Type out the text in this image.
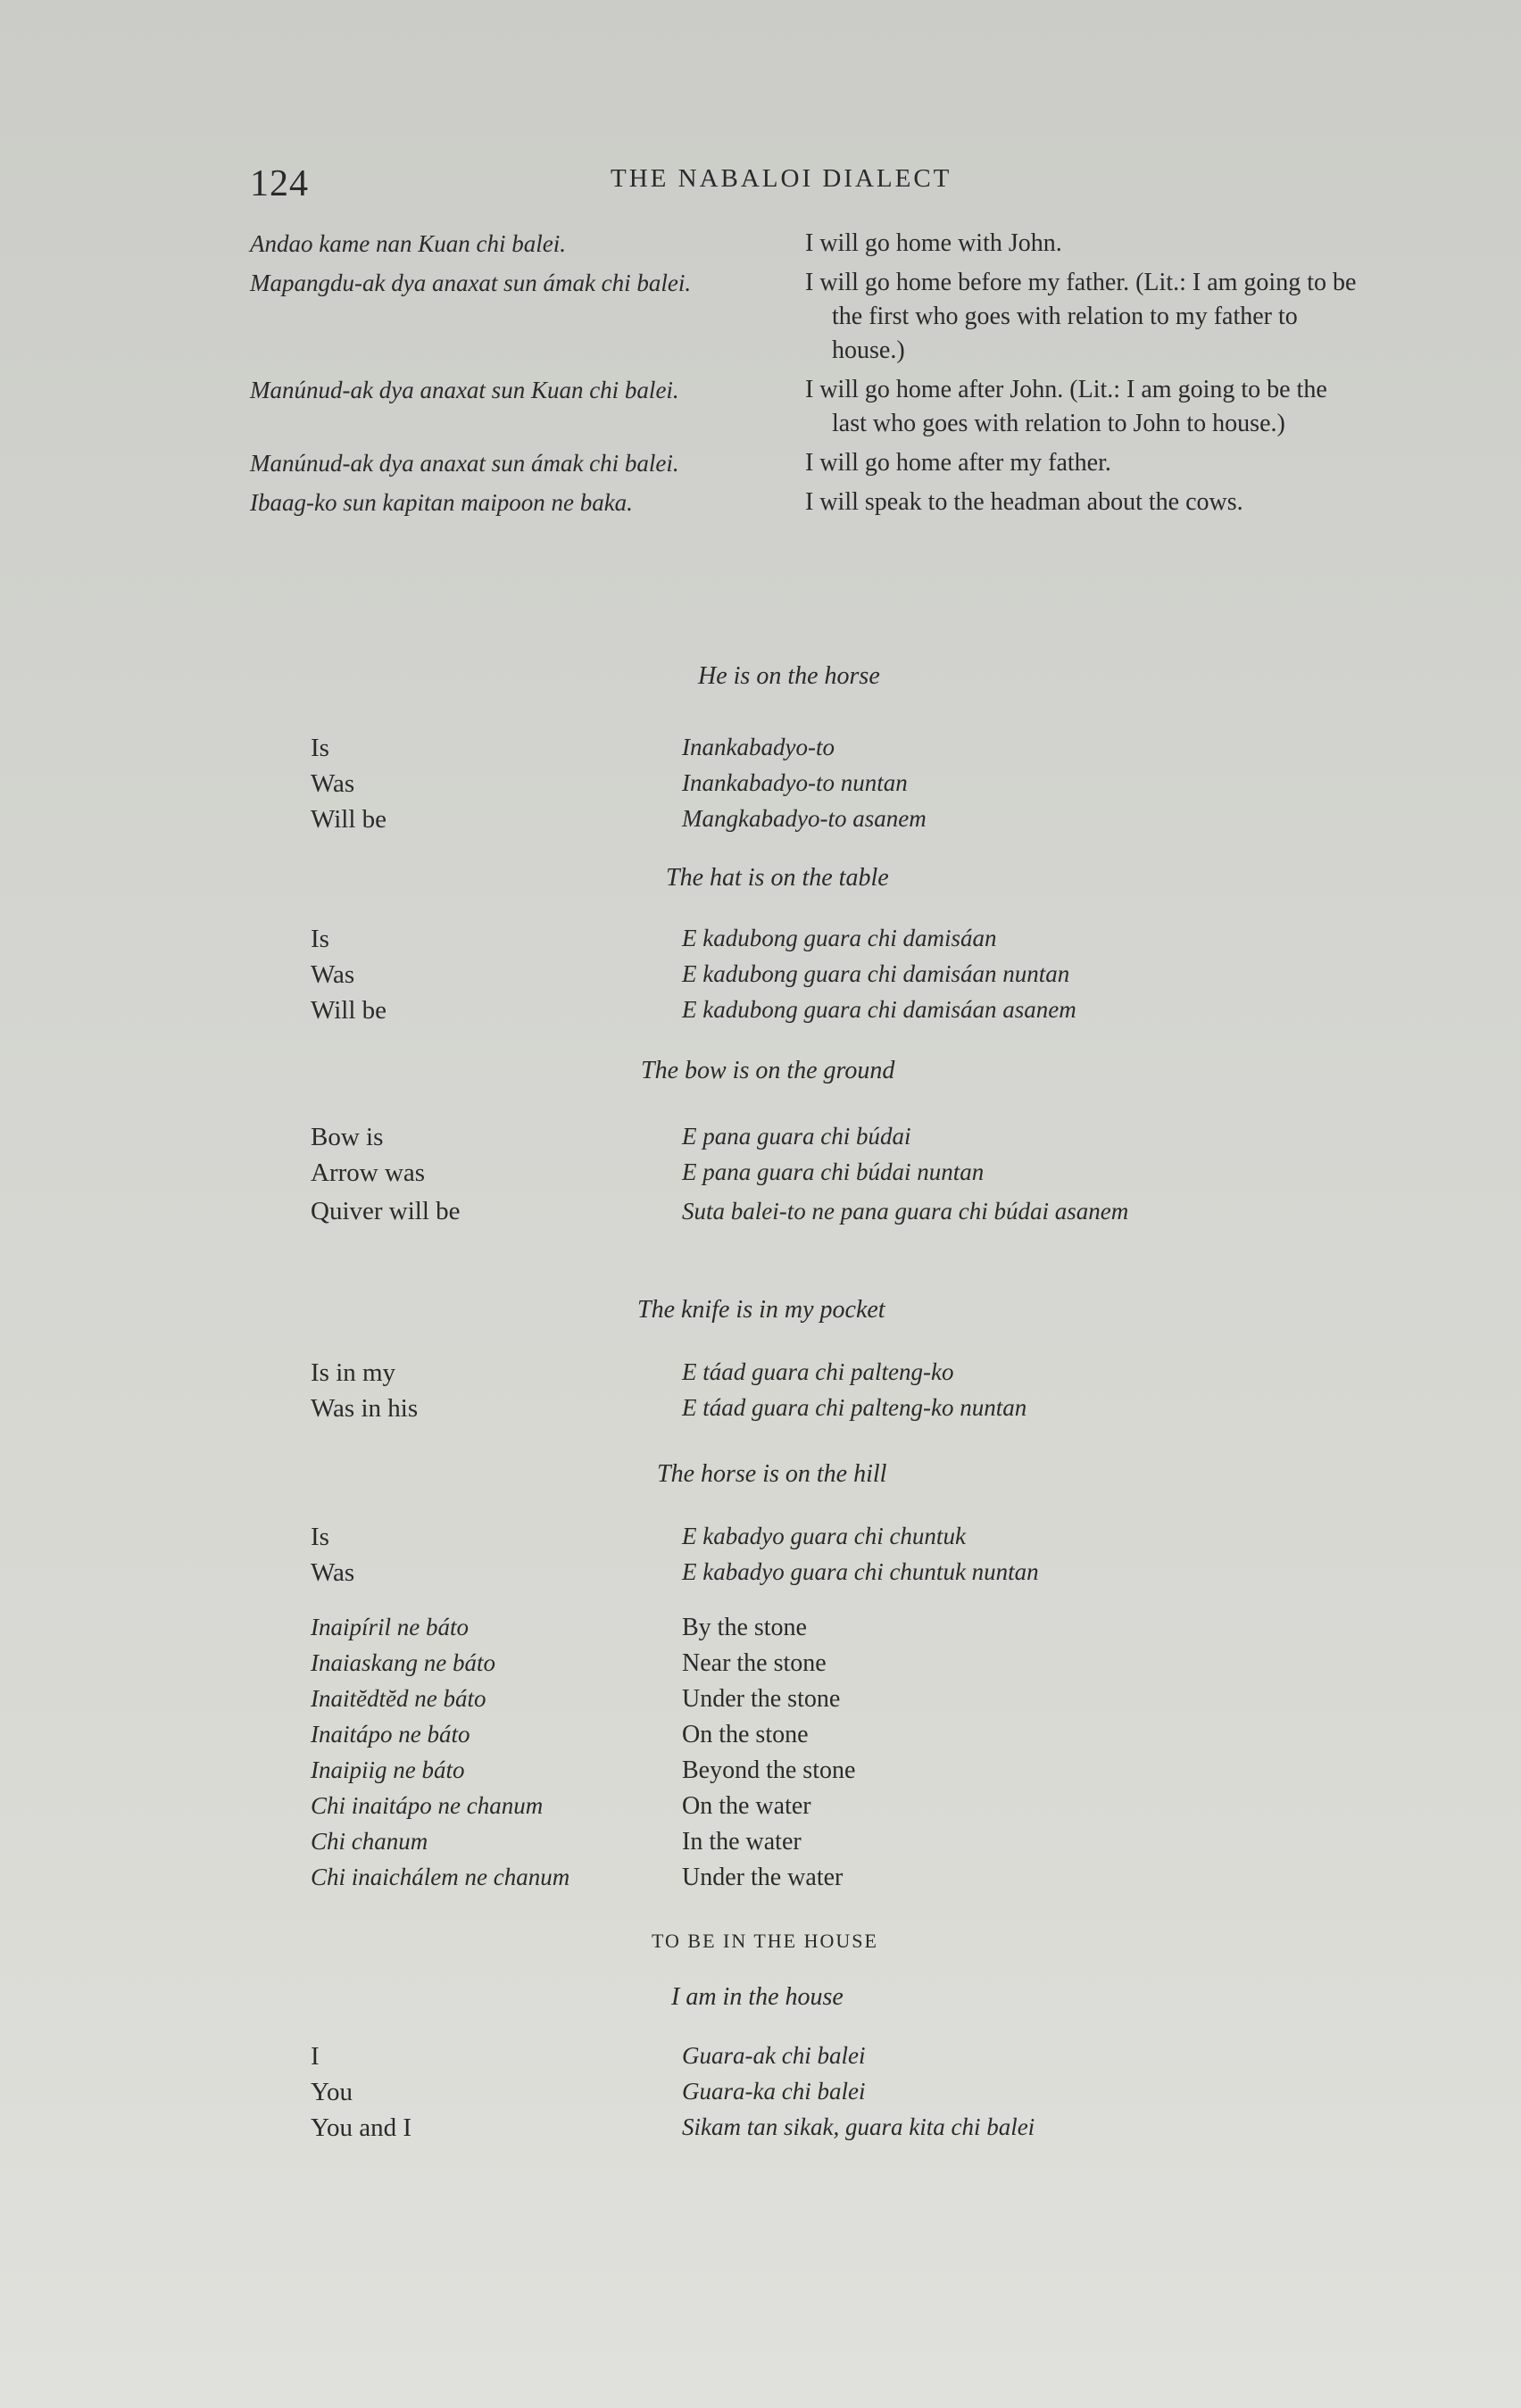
124	THE NABALOI DIALECT
Andao kame nan Kuan chi balei.	I will go home with John.
Mapangdu-ak dya anaxat sun ámak chi balei.	I will go home before my father. (Lit.: I am going to be the first who goes with relation to my father to house.)
Manúnud-ak dya anaxat sun Kuan chi balei.	I will go home after John. (Lit.: I am going to be the last who goes with relation to John to house.)
Manúnud-ak dya anaxat sun ámak chi balei.	I will go home after my father.
Ibaag-ko sun kapitan maipoon ne baka.	I will speak to the headman about the cows.
He is on the horse
Is	Inankabadyo-to
Was	Inankabadyo-to nuntan
Will be	Mangkabadyo-to asanem
The hat is on the table
Is	E kadubong guara chi damisáan
Was	E kadubong guara chi damisáan nuntan
Will be	E kadubong guara chi damisáan asanem
The bow is on the ground
Bow is	E pana guara chi búdai
Arrow was	E pana guara chi búdai nuntan
Quiver will be	Suta balei-to ne pana guara chi búdai asanem
The knife is in my pocket
Is in my	E táad guara chi palteng-ko
Was in his	E táad guara chi palteng-ko nuntan
The horse is on the hill
Is	E kabadyo guara chi chuntuk
Was	E kabadyo guara chi chuntuk nuntan
Inaipíril ne báto	By the stone
Inaiaskang ne báto	Near the stone
Inaitĕdtĕd ne báto	Under the stone
Inaitápo ne báto	On the stone
Inaipiig ne báto	Beyond the stone
Chi inaitápo ne chanum	On the water
Chi chanum	In the water
Chi inaichálem ne chanum	Under the water
TO BE IN THE HOUSE
I am in the house
I	Guara-ak chi balei
You	Guara-ka chi balei
You and I	Sikam tan sikak, guara kita chi balei
